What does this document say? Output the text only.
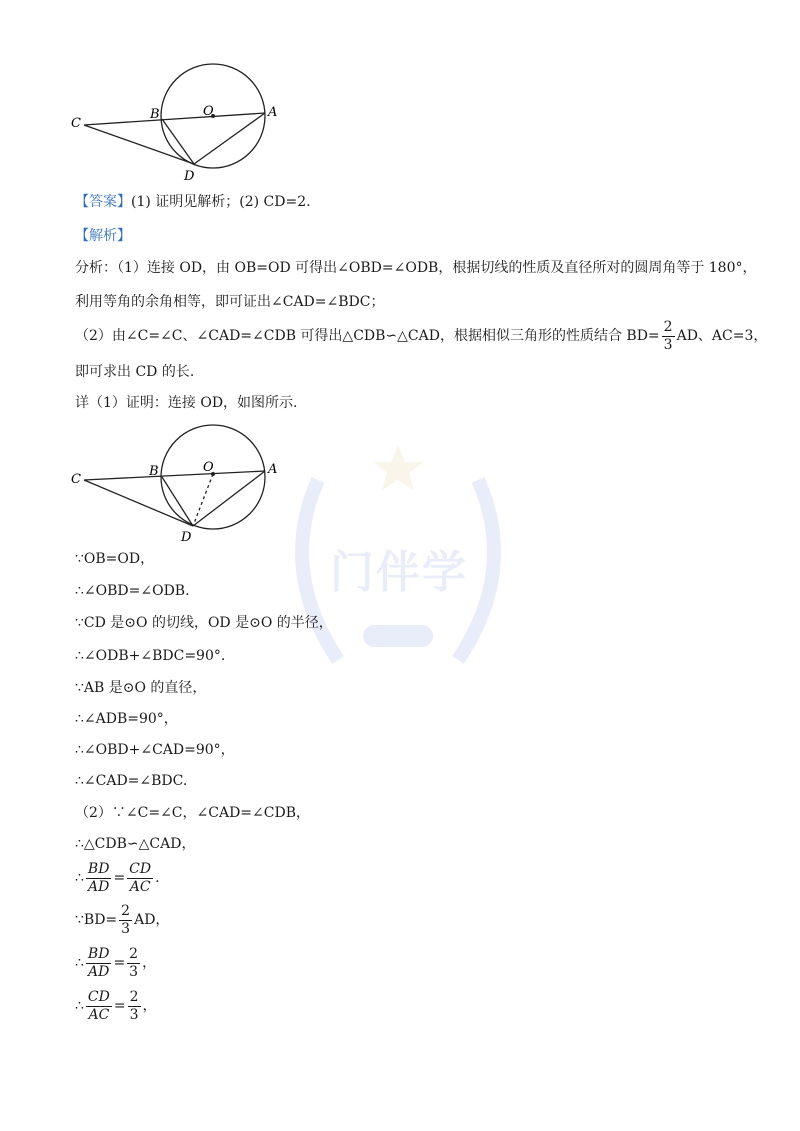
C
B	O	A
D
【答案】(1) 证明见解析；(2) CD=2.
【解析】
分析：（1）连接 OD，由 OB=OD 可得出∠OBD=∠ODB，根据切线的性质及直径所对的圆周角等于 180°，
利用等角的余角相等，即可证出∠CAD=∠BDC；
（2）由∠C=∠C、∠CAD=∠CDB 可得出△CDB∽△CAD，根据相似三角形的性质结合 $BD= \frac{2}{3}$ AD、AC=3，
即可求出 CD 的长.
详（1）证明：连接 OD，如图所示.
C
B	O	A
D
门伴学
∵OB=OD，
∴∠OBD=∠ODB.
∵CD 是⊙O 的切线，OD 是⊙O 的半径，
∴∠ODB+∠BDC=90°.
∵AB 是⊙O 的直径，
∴∠ADB=90°，
∴∠OBD+∠CAD=90°，
∴∠CAD=∠BDC.
（2）∵∠C=∠C，∠CAD=∠CDB，
∴△CDB∽△CAD，
∴ $\frac{BD}{AD} = \frac{CD}{AC}$ .
∵BD= $\frac{2}{3}$ AD，
∴ $\frac{BD}{AD} = \frac{2}{3}$ ，
∴ $\frac{CD}{AC} = \frac{2}{3}$ ，
